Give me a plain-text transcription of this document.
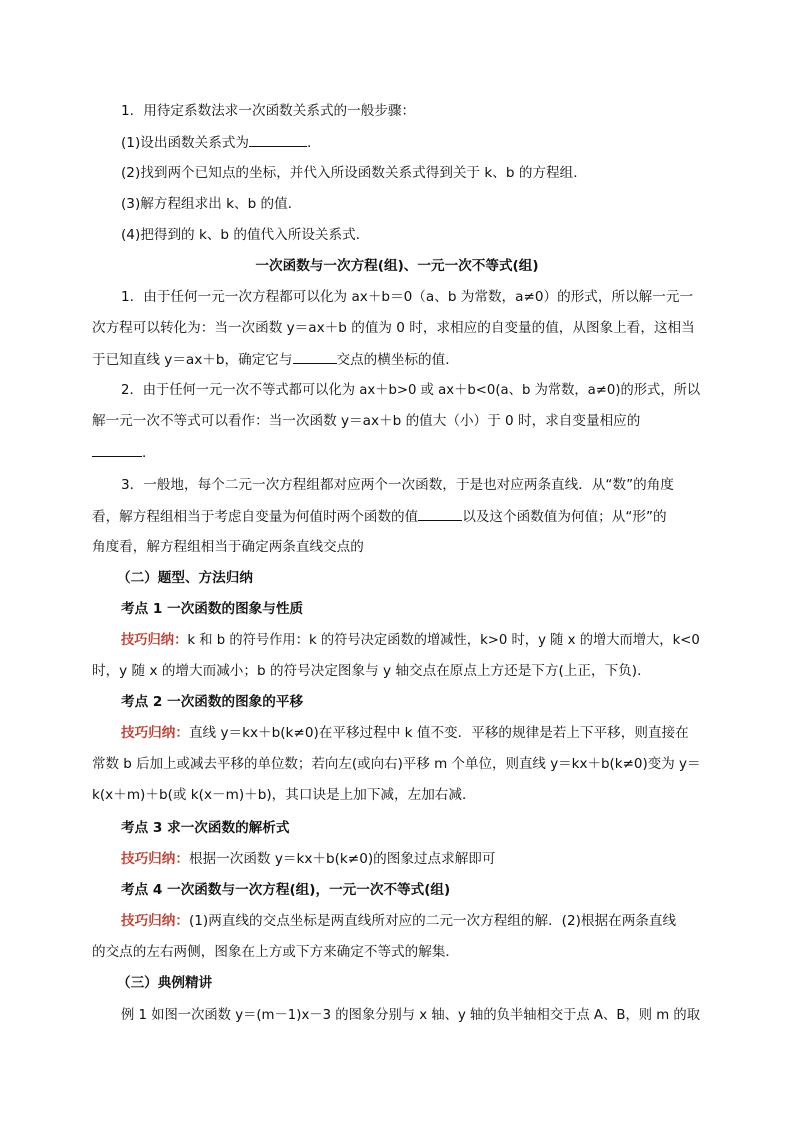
1．用待定系数法求一次函数关系式的一般步骤：
(1)设出函数关系式为	．
(2)找到两个已知点的坐标，并代入所设函数关系式得到关于 k、b 的方程组．
(3)解方程组求出 k、b 的值．
(4)把得到的 k、b 的值代入所设关系式．
一次函数与一次方程(组)、一元一次不等式(组)
1．由于任何一元一次方程都可以化为 ax＋b＝0（a、b 为常数，a≠0）的形式，所以解一元一
次方程可以转化为：当一次函数 y＝ax＋b 的值为 0 时，求相应的自变量的值，从图象上看，这相当
于已知直线 y＝ax＋b，确定它与	交点的横坐标的值．
2．由于任何一元一次不等式都可以化为 ax＋b>0 或 ax＋b<0(a、b 为常数，a≠0)的形式，所以
解一元一次不等式可以看作：当一次函数 y＝ax＋b 的值大（小）于 0 时，求自变量相应的
．
3．一般地，每个二元一次方程组都对应两个一次函数，于是也对应两条直线．从“数”的角度
看，解方程组相当于考虑自变量为何值时两个函数的值	以及这个函数值为何值；从“形”的
角度看，解方程组相当于确定两条直线交点的
（二）题型、方法归纳
考点 1 一次函数的图象与性质
技巧归纳：k 和 b 的符号作用：k 的符号决定函数的增减性，k>0 时，y 随 x 的增大而增大，k<0
时，y 随 x 的增大而减小；b 的符号决定图象与 y 轴交点在原点上方还是下方(上正，下负)．
考点 2 一次函数的图象的平移
技巧归纳：直线 y＝kx＋b(k≠0)在平移过程中 k 值不变．平移的规律是若上下平移，则直接在
常数 b 后加上或减去平移的单位数；若向左(或向右)平移 m 个单位，则直线 y＝kx＋b(k≠0)变为 y＝
k(x＋m)＋b(或 k(x－m)＋b)，其口诀是上加下减，左加右减．
考点 3 求一次函数的解析式
技巧归纳：根据一次函数 y＝kx＋b(k≠0)的图象过点求解即可
考点 4 一次函数与一次方程(组)，一元一次不等式(组)
技巧归纳：(1)两直线的交点坐标是两直线所对应的二元一次方程组的解．(2)根据在两条直线
的交点的左右两侧，图象在上方或下方来确定不等式的解集．
（三）典例精讲
例 1 如图一次函数 y＝(m－1)x－3 的图象分别与 x 轴、y 轴的负半轴相交于点 A、B，则 m 的取
